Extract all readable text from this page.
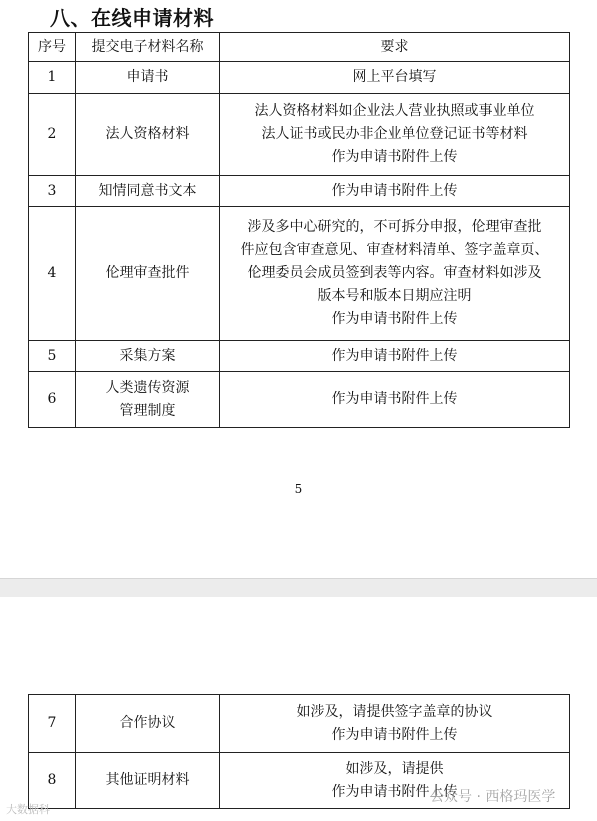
八、在线申请材料
序号	提交电子材料名称	要求
1	申请书	网上平台填写
2	法人资格材料	法人资格材料如企业法人营业执照或事业单位
法人证书或民办非企业单位登记证书等材料
作为申请书附件上传
3	知情同意书文本	作为申请书附件上传
4	伦理审查批件	涉及多中心研究的，不可拆分申报，伦理审查批
件应包含审查意见、审查材料清单、签字盖章页、
伦理委员会成员签到表等内容。审查材料如涉及
版本号和版本日期应注明
作为申请书附件上传
5	采集方案	作为申请书附件上传
6	人类遗传资源
管理制度	作为申请书附件上传
5
7	合作协议	如涉及，请提供签字盖章的协议
作为申请书附件上传
8	其他证明材料	如涉及，请提供
作为申请书附件上传
大数据科
公众号 · 西格玛医学
